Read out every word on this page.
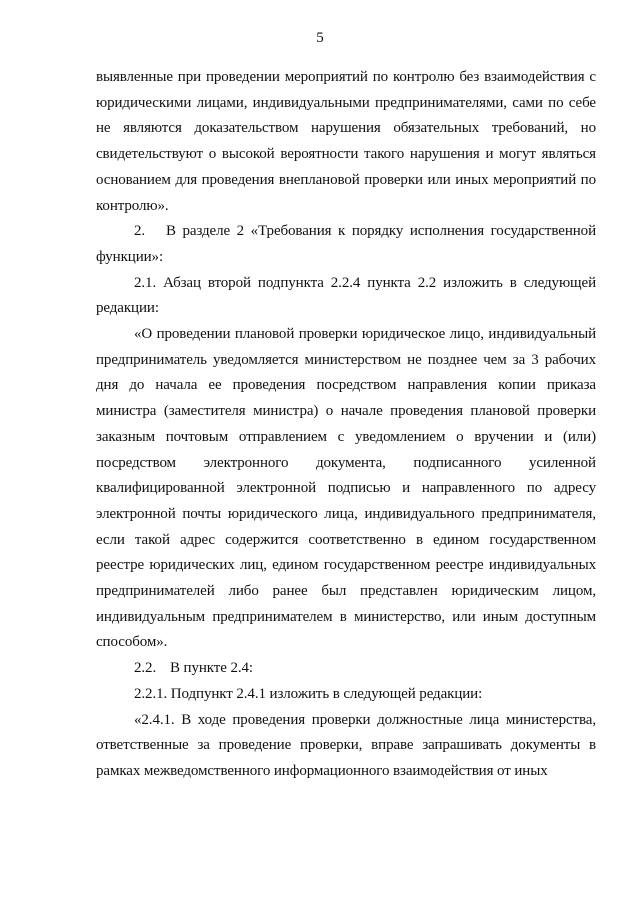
5

выявленные при проведении мероприятий по контролю без взаимодействия с юридическими лицами, индивидуальными предпринимателями, сами по себе не являются доказательством нарушения обязательных требований, но свидетельствуют о высокой вероятности такого нарушения и могут являться основанием для проведения внеплановой проверки или иных мероприятий по контролю».

2. В разделе 2 «Требования к порядку исполнения государственной функции»:

2.1. Абзац второй подпункта 2.2.4 пункта 2.2 изложить в следующей редакции:

«О проведении плановой проверки юридическое лицо, индивидуальный предприниматель уведомляется министерством не позднее чем за 3 рабочих дня до начала ее проведения посредством направления копии приказа министра (заместителя министра) о начале проведения плановой проверки заказным почтовым отправлением с уведомлением о вручении и (или) посредством электронного документа, подписанного усиленной квалифицированной электронной подписью и направленного по адресу электронной почты юридического лица, индивидуального предпринимателя, если такой адрес содержится соответственно в едином государственном реестре юридических лиц, едином государственном реестре индивидуальных предпринимателей либо ранее был представлен юридическим лицом, индивидуальным предпринимателем в министерство, или иным доступным способом».

2.2. В пункте 2.4:

2.2.1. Подпункт 2.4.1 изложить в следующей редакции:

«2.4.1. В ходе проведения проверки должностные лица министерства, ответственные за проведение проверки, вправе запрашивать документы в рамках межведомственного информационного взаимодействия от иных
